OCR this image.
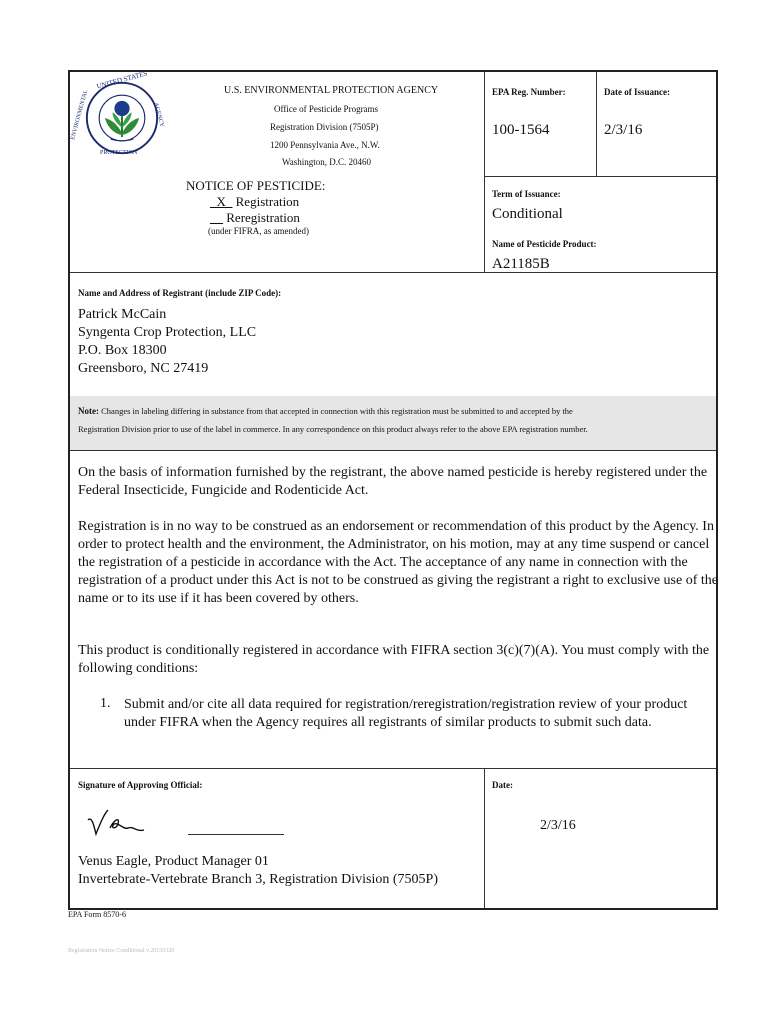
UNITED STATES
ENVIRONMENTAL
PROTECTION
AGENCY
U.S. ENVIRONMENTAL PROTECTION AGENCY
Office of Pesticide Programs
Registration Division (7505P)
1200 Pennsylvania Ave., N.W.
Washington, D.C. 20460
NOTICE OF PESTICIDE:
_X_ Registration
__ Reregistration
(under FIFRA, as amended)
EPA Reg. Number:
100-1564
Date of Issuance:
2/3/16
Term of Issuance:
Conditional
Name of Pesticide Product:
A21185B
Name and Address of Registrant (include ZIP Code):
Patrick McCain
Syngenta Crop Protection, LLC
P.O. Box 18300
Greensboro, NC 27419
Note: Changes in labeling differing in substance from that accepted in connection with this registration must be submitted to and accepted by the
Registration Division prior to use of the label in commerce. In any correspondence on this product always refer to the above EPA registration number.

On the basis of information furnished by the registrant, the above named pesticide is hereby registered under the Federal Insecticide, Fungicide and Rodenticide Act.

Registration is in no way to be construed as an endorsement or recommendation of this product by the Agency. In order to protect health and the environment, the Administrator, on his motion, may at any time suspend or cancel the registration of a pesticide in accordance with the Act. The acceptance of any name in connection with the registration of a product under this Act is not to be construed as giving the registrant a right to exclusive use of the name or to its use if it has been covered by others.

This product is conditionally registered in accordance with FIFRA section 3(c)(7)(A). You must comply with the following conditions:

1. Submit and/or cite all data required for registration/reregistration/registration review of your product under FIFRA when the Agency requires all registrants of similar products to submit such data.

Signature of Approving Official:	Date:
2/3/16
Venus Eagle, Product Manager 01
Invertebrate-Vertebrate Branch 3, Registration Division (7505P)
EPA Form 8570-6
Registration Notice Conditional v.20150320
